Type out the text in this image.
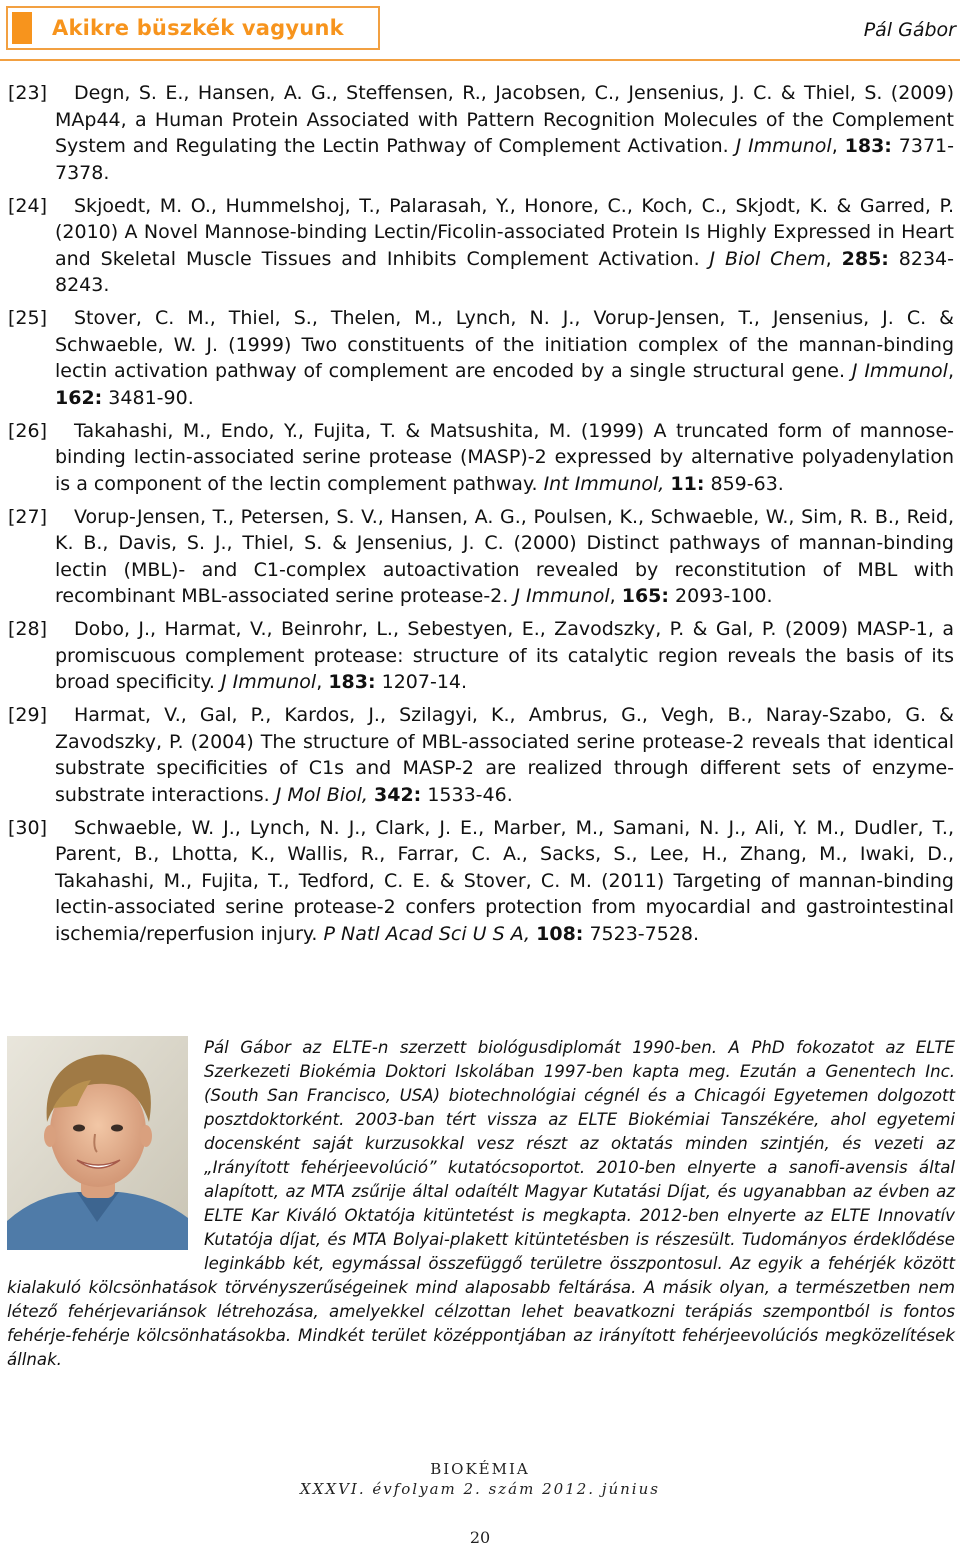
Akikre büszkék vagyunk	Pál Gábor
[23] Degn, S. E., Hansen, A. G., Steffensen, R., Jacobsen, C., Jensenius, J. C. & Thiel, S. (2009) MAp44, a Human Protein Associated with Pattern Recognition Molecules of the Complement System and Regulating the Lectin Pathway of Complement Activation. J Immunol, 183: 7371-7378.
[24] Skjoedt, M. O., Hummelshoj, T., Palarasah, Y., Honore, C., Koch, C., Skjodt, K. & Garred, P. (2010) A Novel Mannose-binding Lectin/Ficolin-associated Protein Is Highly Expressed in Heart and Skeletal Muscle Tissues and Inhibits Complement Activation. J Biol Chem, 285: 8234-8243.
[25] Stover, C. M., Thiel, S., Thelen, M., Lynch, N. J., Vorup-Jensen, T., Jensenius, J. C. & Schwaeble, W. J. (1999) Two constituents of the initiation complex of the mannan-binding lectin activation pathway of complement are encoded by a single structural gene. J Immunol, 162: 3481-90.
[26] Takahashi, M., Endo, Y., Fujita, T. & Matsushita, M. (1999) A truncated form of mannose-binding lectin-associated serine protease (MASP)-2 expressed by alternative polyadenylation is a component of the lectin complement pathway. Int Immunol, 11: 859-63.
[27] Vorup-Jensen, T., Petersen, S. V., Hansen, A. G., Poulsen, K., Schwaeble, W., Sim, R. B., Reid, K. B., Davis, S. J., Thiel, S. & Jensenius, J. C. (2000) Distinct pathways of mannan-binding lectin (MBL)- and C1-complex autoactivation revealed by reconstitution of MBL with recombinant MBL-associated serine protease-2. J Immunol, 165: 2093-100.
[28] Dobo, J., Harmat, V., Beinrohr, L., Sebestyen, E., Zavodszky, P. & Gal, P. (2009) MASP-1, a promiscuous complement protease: structure of its catalytic region reveals the basis of its broad specificity. J Immunol, 183: 1207-14.
[29] Harmat, V., Gal, P., Kardos, J., Szilagyi, K., Ambrus, G., Vegh, B., Naray-Szabo, G. & Zavodszky, P. (2004) The structure of MBL-associated serine protease-2 reveals that identical substrate specificities of C1s and MASP-2 are realized through different sets of enzyme-substrate interactions. J Mol Biol, 342: 1533-46.
[30] Schwaeble, W. J., Lynch, N. J., Clark, J. E., Marber, M., Samani, N. J., Ali, Y. M., Dudler, T., Parent, B., Lhotta, K., Wallis, R., Farrar, C. A., Sacks, S., Lee, H., Zhang, M., Iwaki, D., Takahashi, M., Fujita, T., Tedford, C. E. & Stover, C. M. (2011) Targeting of mannan-binding lectin-associated serine protease-2 confers protection from myocardial and gastrointestinal ischemia/reperfusion injury. P Natl Acad Sci U S A, 108: 7523-7528.

Pál Gábor az ELTE-n szerzett biológusdiplomát 1990-ben. A PhD fokozatot az ELTE Szerkezeti Biokémia Doktori Iskolában 1997-ben kapta meg. Ezután a Genentech Inc. (South San Francisco, USA) biotechnológiai cégnél és a Chicagói Egyetemen dolgozott posztdoktorként. 2003-ban tért vissza az ELTE Biokémiai Tanszékére, ahol egyetemi docensként saját kurzusokkal vesz részt az oktatás minden szintjén, és vezeti az „Irányított fehérjeevolúció” kutatócsoportot. 2010-ben elnyerte a sanofi-avensis által alapított, az MTA zsűrije által odaítélt Magyar Kutatási Díjat, és ugyanabban az évben az ELTE Kar Kiváló Oktatója kitüntetést is megkapta. 2012-ben elnyerte az ELTE Innovatív Kutatója díjat, és MTA Bolyai-plakett kitüntetésben is részesült. Tudományos érdeklődése leginkább két, egymással összefüggő területre összpontosul. Az egyik a fehérjék között kialakuló kölcsönhatások törvényszerűségeinek mind alaposabb feltárása. A másik olyan, a természetben nem létező fehérjevariánsok létrehozása, amelyekkel célzottan lehet beavatkozni terápiás szempontból is fontos fehérje-fehérje kölcsönhatásokba. Mindkét terület középpontjában az irányított fehérjeevolúciós megközelítések állnak.

BIOKÉMIA
XXXVI. évfolyam 2. szám 2012. június
20
